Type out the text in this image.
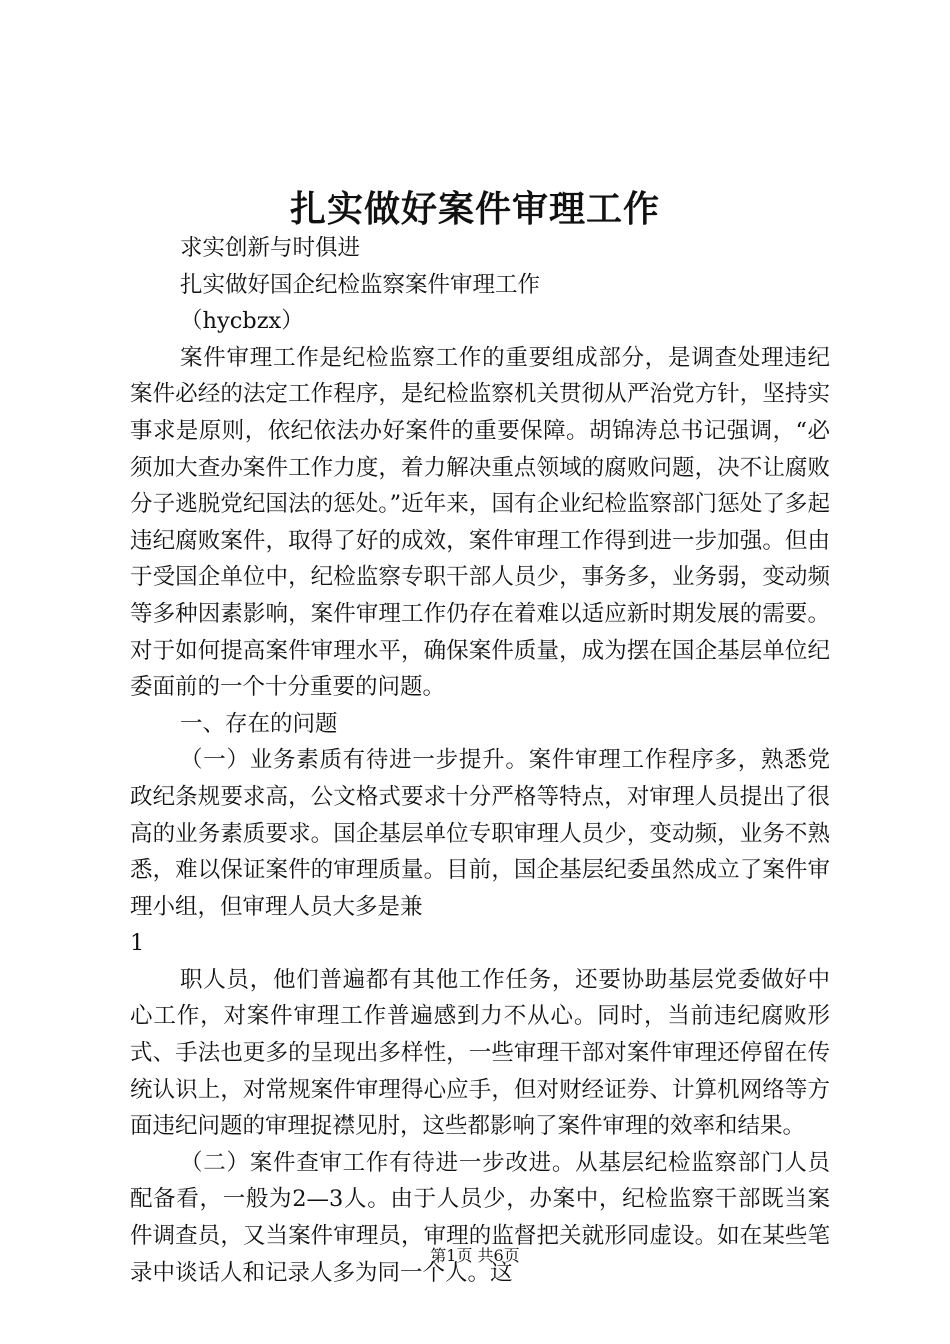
扎实做好案件审理工作

求实创新与时俱进

扎实做好国企纪检监察案件审理工作

（hycbzx）

案件审理工作是纪检监察工作的重要组成部分，是调查处理违纪案件必经的法定工作程序，是纪检监察机关贯彻从严治党方针，坚持实事求是原则，依纪依法办好案件的重要保障。胡锦涛总书记强调，“必须加大查办案件工作力度，着力解决重点领域的腐败问题，决不让腐败分子逃脱党纪国法的惩处。”近年来，国有企业纪检监察部门惩处了多起违纪腐败案件，取得了好的成效，案件审理工作得到进一步加强。但由于受国企单位中，纪检监察专职干部人员少，事务多，业务弱，变动频等多种因素影响，案件审理工作仍存在着难以适应新时期发展的需要。对于如何提高案件审理水平，确保案件质量，成为摆在国企基层单位纪委面前的一个十分重要的问题。

一、存在的问题

（一）业务素质有待进一步提升。案件审理工作程序多，熟悉党政纪条规要求高，公文格式要求十分严格等特点，对审理人员提出了很高的业务素质要求。国企基层单位专职审理人员少，变动频，业务不熟悉，难以保证案件的审理质量。目前，国企基层纪委虽然成立了案件审理小组，但审理人员大多是兼

1

职人员，他们普遍都有其他工作任务，还要协助基层党委做好中心工作，对案件审理工作普遍感到力不从心。同时，当前违纪腐败形式、手法也更多的呈现出多样性，一些审理干部对案件审理还停留在传统认识上，对常规案件审理得心应手，但对财经证券、计算机网络等方面违纪问题的审理捉襟见肘，这些都影响了案件审理的效率和结果。

（二）案件查审工作有待进一步改进。从基层纪检监察部门人员配备看，一般为2—3人。由于人员少，办案中，纪检监察干部既当案件调查员，又当案件审理员，审理的监督把关就形同虚设。如在某些笔录中谈话人和记录人多为同一个人。这

第1页 共6页
